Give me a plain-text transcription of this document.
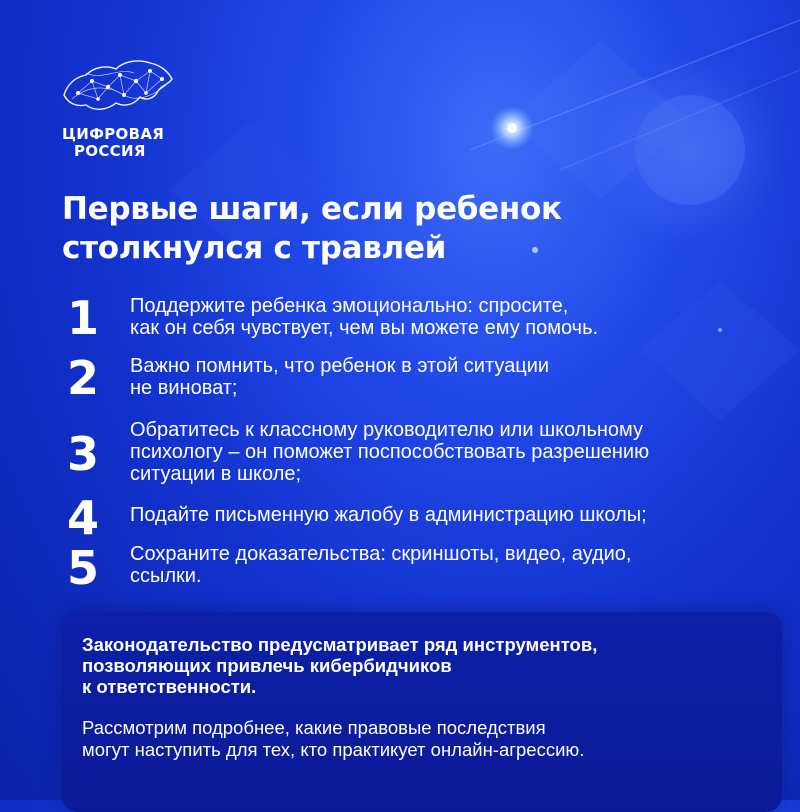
ЦИФРОВАЯ
РОССИЯ
Первые шаги, если ребенок
столкнулся с травлей
1	Поддержите ребенка эмоционально: спросите,
как он себя чувствует, чем вы можете ему помочь.
2	Важно помнить, что ребенок в этой ситуации
не виноват;
3	Обратитесь к классному руководителю или школьному
психологу – он поможет поспособствовать разрешению
ситуации в школе;
4	Подайте письменную жалобу в администрацию школы;
5	Сохраните доказательства: скриншоты, видео, аудио,
ссылки.
Законодательство предусматривает ряд инструментов,
позволяющих привлечь кибербидчиков
к ответственности.
Рассмотрим подробнее, какие правовые последствия
могут наступить для тех, кто практикует онлайн-агрессию.
